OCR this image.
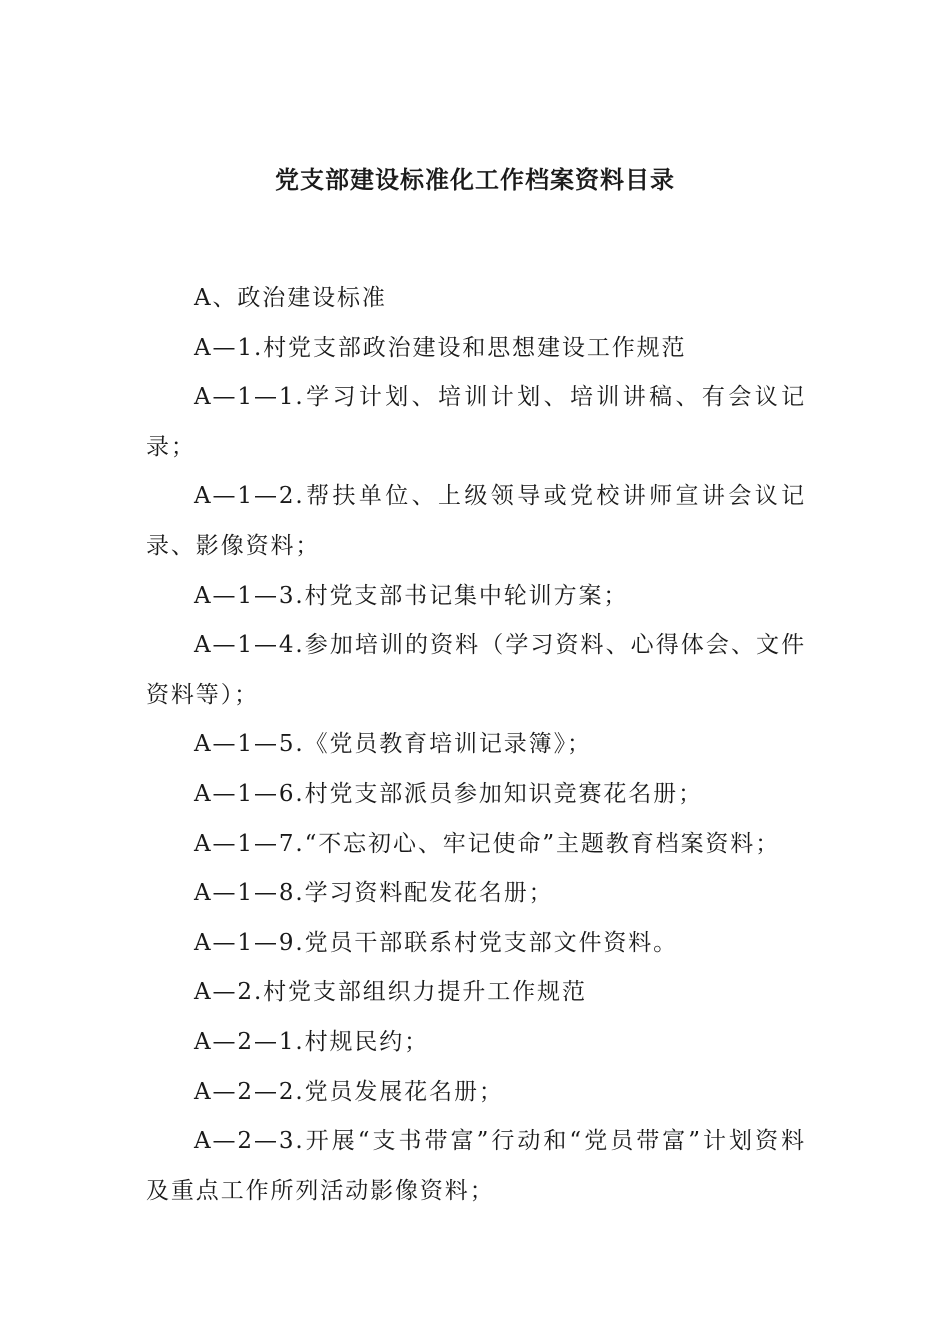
党支部建设标准化工作档案资料目录

A、政治建设标准

A—1.村党支部政治建设和思想建设工作规范

A—1—1.学习计划、培训计划、培训讲稿、有会议记录；

A—1—2.帮扶单位、上级领导或党校讲师宣讲会议记录、影像资料；

A—1—3.村党支部书记集中轮训方案；

A—1—4.参加培训的资料（学习资料、心得体会、文件资料等）；

A—1—5.《党员教育培训记录簿》；

A—1—6.村党支部派员参加知识竞赛花名册；

A—1—7.“不忘初心、牢记使命”主题教育档案资料；

A—1—8.学习资料配发花名册；

A—1—9.党员干部联系村党支部文件资料。

A—2.村党支部组织力提升工作规范

A—2—1.村规民约；

A—2—2.党员发展花名册；

A—2—3.开展“支书带富”行动和“党员带富”计划资料及重点工作所列活动影像资料；
